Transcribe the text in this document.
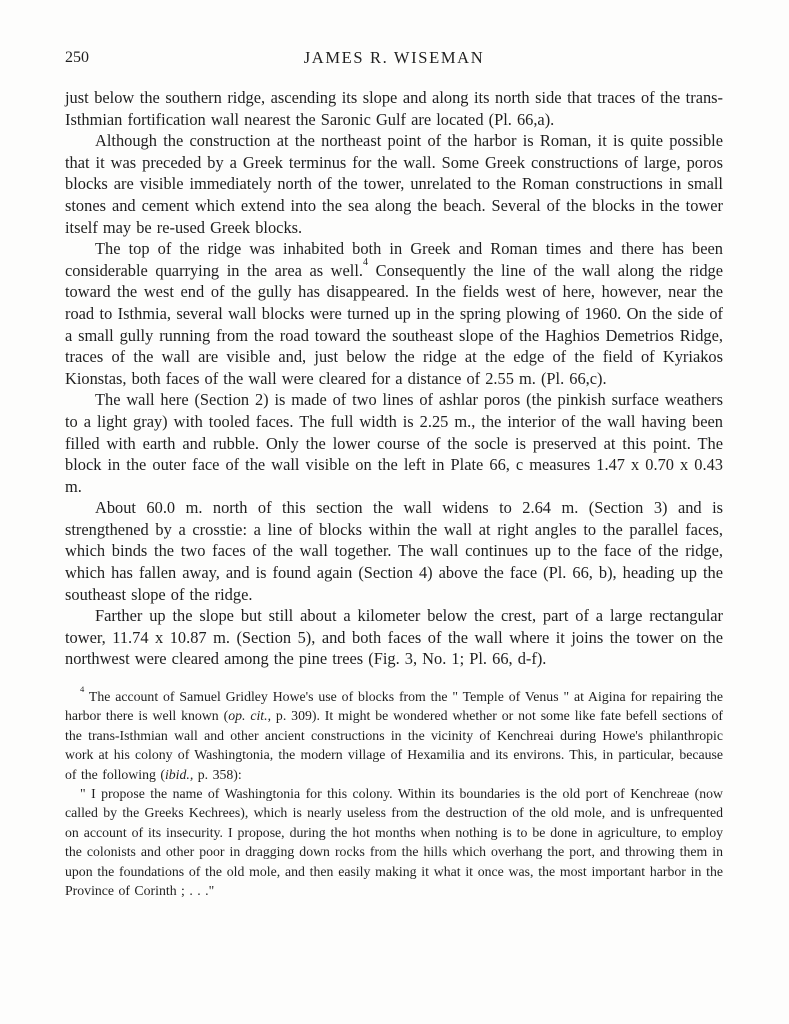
250	JAMES R. WISEMAN

just below the southern ridge, ascending its slope and along its north side that traces of the trans-Isthmian fortification wall nearest the Saronic Gulf are located (Pl. 66,a).

Although the construction at the northeast point of the harbor is Roman, it is quite possible that it was preceded by a Greek terminus for the wall. Some Greek constructions of large, poros blocks are visible immediately north of the tower, unrelated to the Roman constructions in small stones and cement which extend into the sea along the beach. Several of the blocks in the tower itself may be re-used Greek blocks.

The top of the ridge was inhabited both in Greek and Roman times and there has been considerable quarrying in the area as well.$^4$ Consequently the line of the wall along the ridge toward the west end of the gully has disappeared. In the fields west of here, however, near the road to Isthmia, several wall blocks were turned up in the spring plowing of 1960. On the side of a small gully running from the road toward the southeast slope of the Haghios Demetrios Ridge, traces of the wall are visible and, just below the ridge at the edge of the field of Kyriakos Kionstas, both faces of the wall were cleared for a distance of 2.55 m. (Pl. 66,c).

The wall here (Section 2) is made of two lines of ashlar poros (the pinkish surface weathers to a light gray) with tooled faces. The full width is 2.25 m., the interior of the wall having been filled with earth and rubble. Only the lower course of the socle is preserved at this point. The block in the outer face of the wall visible on the left in Plate 66, c measures 1.47 x 0.70 x 0.43 m.

About 60.0 m. north of this section the wall widens to 2.64 m. (Section 3) and is strengthened by a crosstie: a line of blocks within the wall at right angles to the parallel faces, which binds the two faces of the wall together. The wall continues up to the face of the ridge, which has fallen away, and is found again (Section 4) above the face (Pl. 66, b), heading up the southeast slope of the ridge.

Farther up the slope but still about a kilometer below the crest, part of a large rectangular tower, 11.74 x 10.87 m. (Section 5), and both faces of the wall where it joins the tower on the northwest were cleared among the pine trees (Fig. 3, No. 1; Pl. 66, d-f).

$^4$ The account of Samuel Gridley Howe's use of blocks from the " Temple of Venus " at Aigina for repairing the harbor there is well known (op. cit., p. 309). It might be wondered whether or not some like fate befell sections of the trans-Isthmian wall and other ancient constructions in the vicinity of Kenchreai during Howe's philanthropic work at his colony of Washingtonia, the modern village of Hexamilia and its environs. This, in particular, because of the following (ibid., p. 358):

" I propose the name of Washingtonia for this colony. Within its boundaries is the old port of Kenchreae (now called by the Greeks Kechrees), which is nearly useless from the destruction of the old mole, and is unfrequented on account of its insecurity. I propose, during the hot months when nothing is to be done in agriculture, to employ the colonists and other poor in dragging down rocks from the hills which overhang the port, and throwing them in upon the foundations of the old mole, and then easily making it what it once was, the most important harbor in the Province of Corinth ; . . ."
